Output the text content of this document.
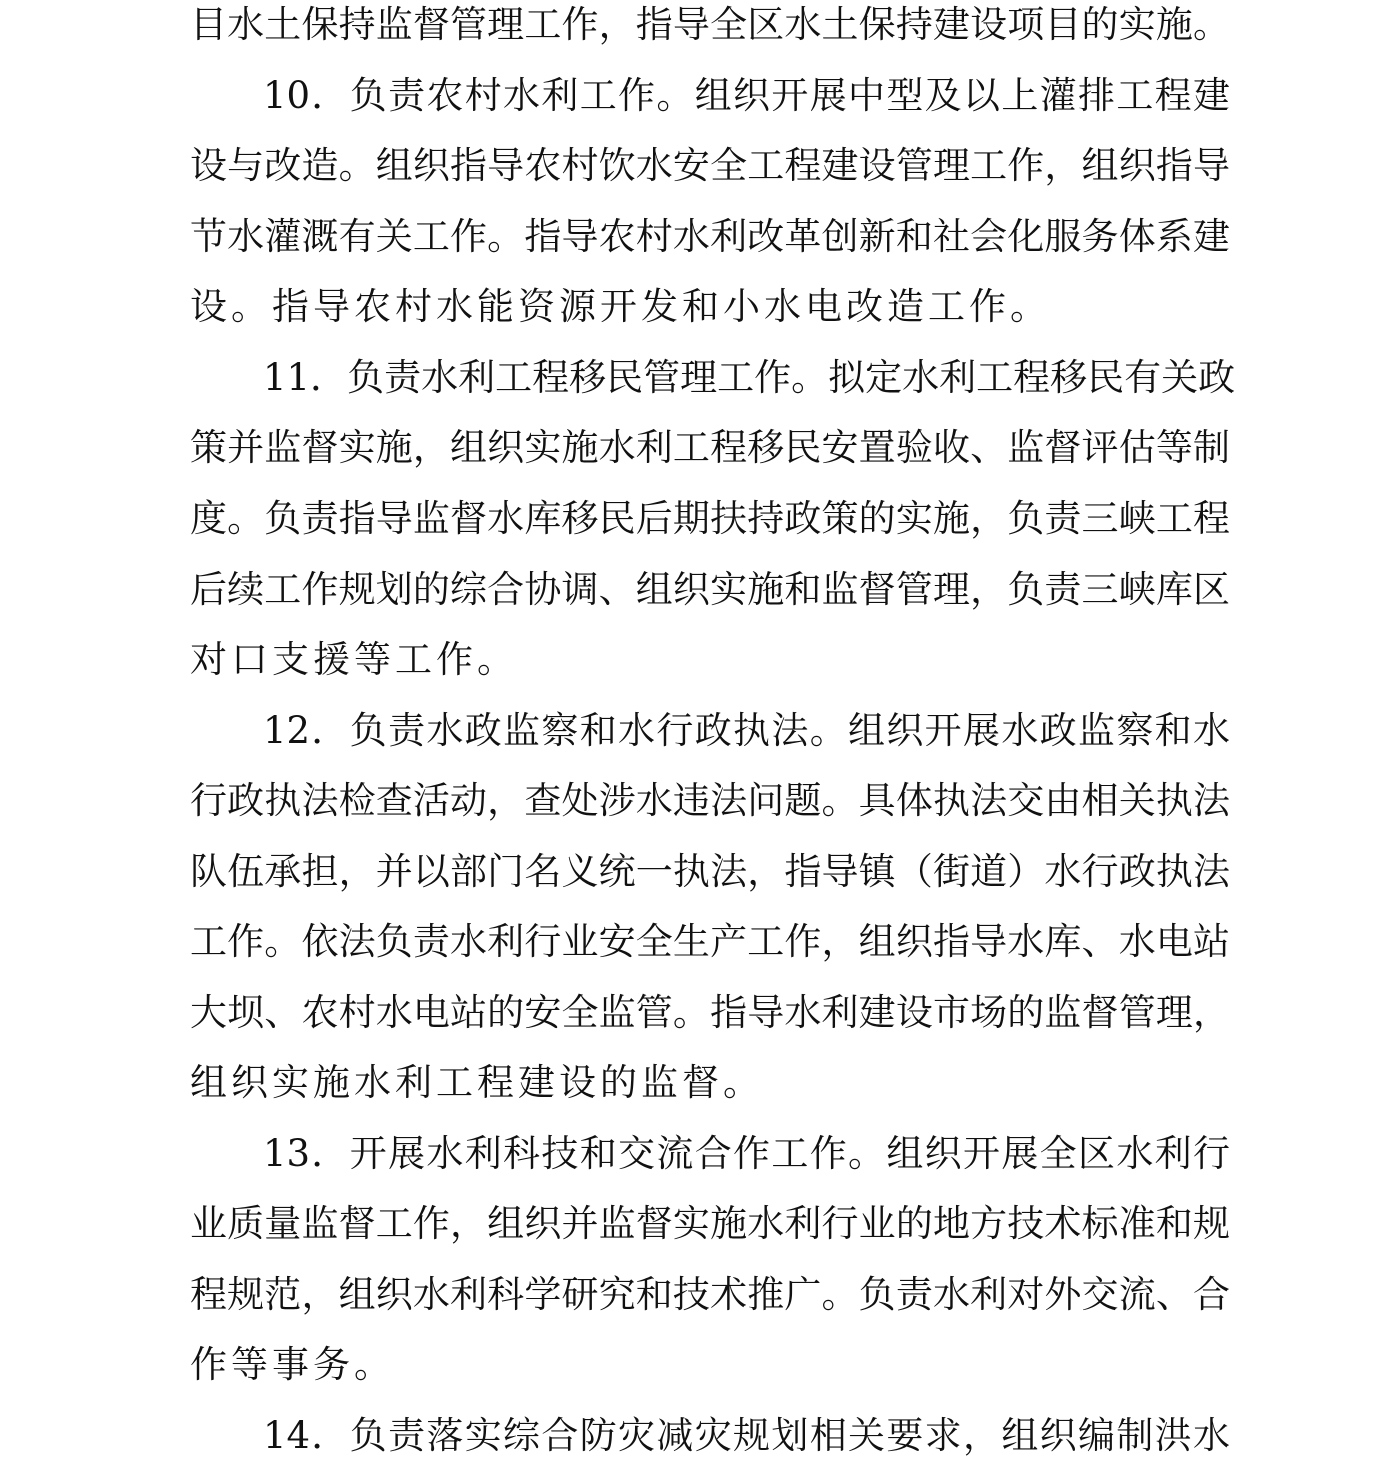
目水土保持监督管理工作，指导全区水土保持建设项目的实施。
10．负责农村水利工作。组织开展中型及以上灌排工程建
设与改造。组织指导农村饮水安全工程建设管理工作，组织指导
节水灌溉有关工作。指导农村水利改革创新和社会化服务体系建
设。指导农村水能资源开发和小水电改造工作。
11．负责水利工程移民管理工作。拟定水利工程移民有关政
策并监督实施，组织实施水利工程移民安置验收、监督评估等制
度。负责指导监督水库移民后期扶持政策的实施，负责三峡工程
后续工作规划的综合协调、组织实施和监督管理，负责三峡库区
对口支援等工作。
12．负责水政监察和水行政执法。组织开展水政监察和水
行政执法检查活动，查处涉水违法问题。具体执法交由相关执法
队伍承担，并以部门名义统一执法，指导镇（街道）水行政执法
工作。依法负责水利行业安全生产工作，组织指导水库、水电站
大坝、农村水电站的安全监管。指导水利建设市场的监督管理，
组织实施水利工程建设的监督。
13．开展水利科技和交流合作工作。组织开展全区水利行
业质量监督工作，组织并监督实施水利行业的地方技术标准和规
程规范，组织水利科学研究和技术推广。负责水利对外交流、合
作等事务。
14．负责落实综合防灾减灾规划相关要求，组织编制洪水
